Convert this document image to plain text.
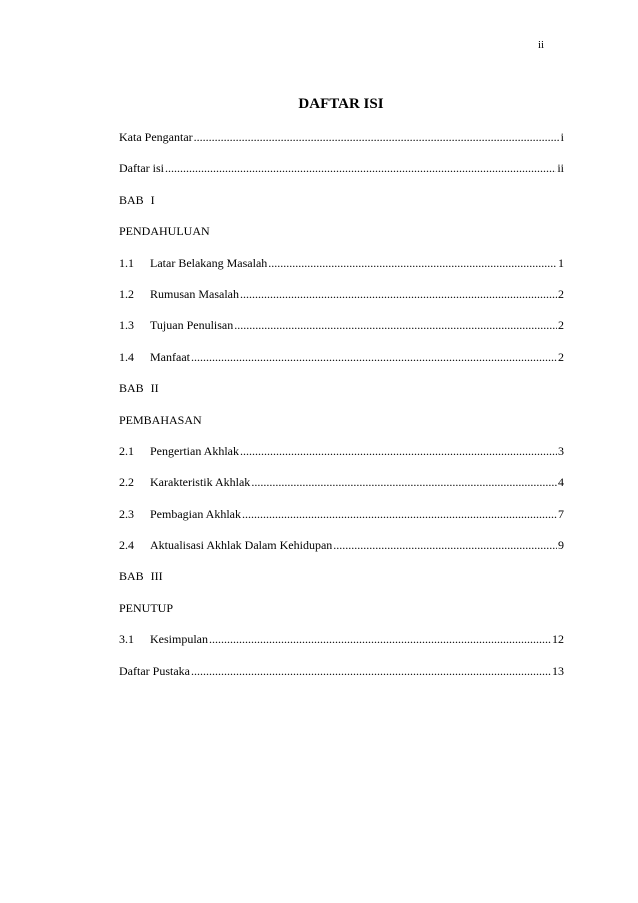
ii
DAFTAR ISI
Kata Pengantar .....	i
Daftar isi .....	ii
BAB I
PENDAHULUAN
1.1	Latar Belakang Masalah .....	1
1.2	Rumusan Masalah .....	2
1.3	Tujuan Penulisan .....	2
1.4	Manfaat .....	2
BAB II
PEMBAHASAN
2.1	Pengertian Akhlak .....	3
2.2	Karakteristik Akhlak .....	4
2.3	Pembagian Akhlak .....	7
2.4	Aktualisasi Akhlak Dalam Kehidupan .....	9
BAB III
PENUTUP
3.1	Kesimpulan .....	12
Daftar Pustaka .....	13
